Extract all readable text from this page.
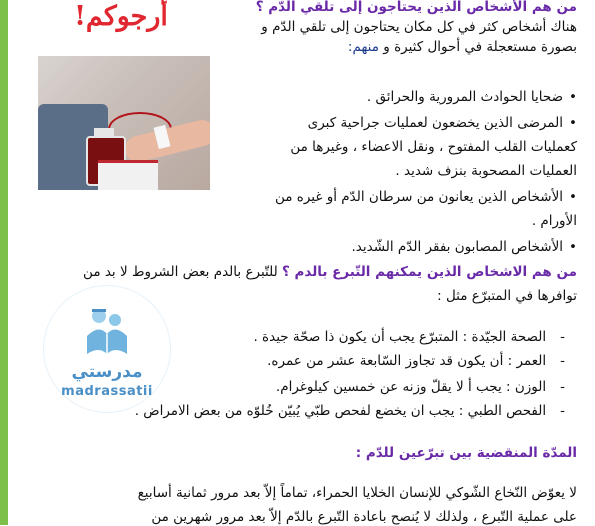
أرجوكم!	من هم الأشخاص الذين يحتاجون إلى تلقي الدّم ؟
هناك أشخاص كثر في كل مكان يحتاجون إلى تلقي الدّم و
بصورة مستعجلة في أحوال كثيرة و منهم:
• ضحايا الحوادث المرورية والحرائق .
• المرضى الذين يخضعون لعمليات جراحية كبرى
كعمليات القلب المفتوح ، ونقل الاعضاء ، وغيرها من
العمليات المصحوبة بنزف شديد .
• الأشخاص الذين يعانون من سرطان الدّم أو غيره من
الأورام .
• الأشخاص المصابون بفقر الدّم الشّديد.
من هم الاشخاص الذين يمكنهم التّبرع بالدم ؟ للتّبرع بالدم بعض الشروط لا بد من
توافرها في المتبرّع مثل :
- الصحة الجيّدة : المتبرّع يجب أن يكون ذا صحّة جيدة .
- العمر : أن يكون قد تجاوز السّابعة عشر من عمره.
- الوزن : يجب أ لا يقلّ وزنه عن خمسين كيلوغرام.
- الفحص الطبي : يجب ان يخضع لفحص طبّي يُبيّن خُلوّه من بعض الامراض .
المدّة المنقضية بين تبرّعين للدّم :
لا يعوّض النّخاع الشّوكي للإنسان الخلايا الحمراء، تماماً إلاّ بعد مرور ثمانية أسابيع
على عملية التّبرع ، ولذلك لا يُنصح باعادة التّبرع بالدّم إلاّ بعد مرور شهرين من
مدرستي
madrassatii
